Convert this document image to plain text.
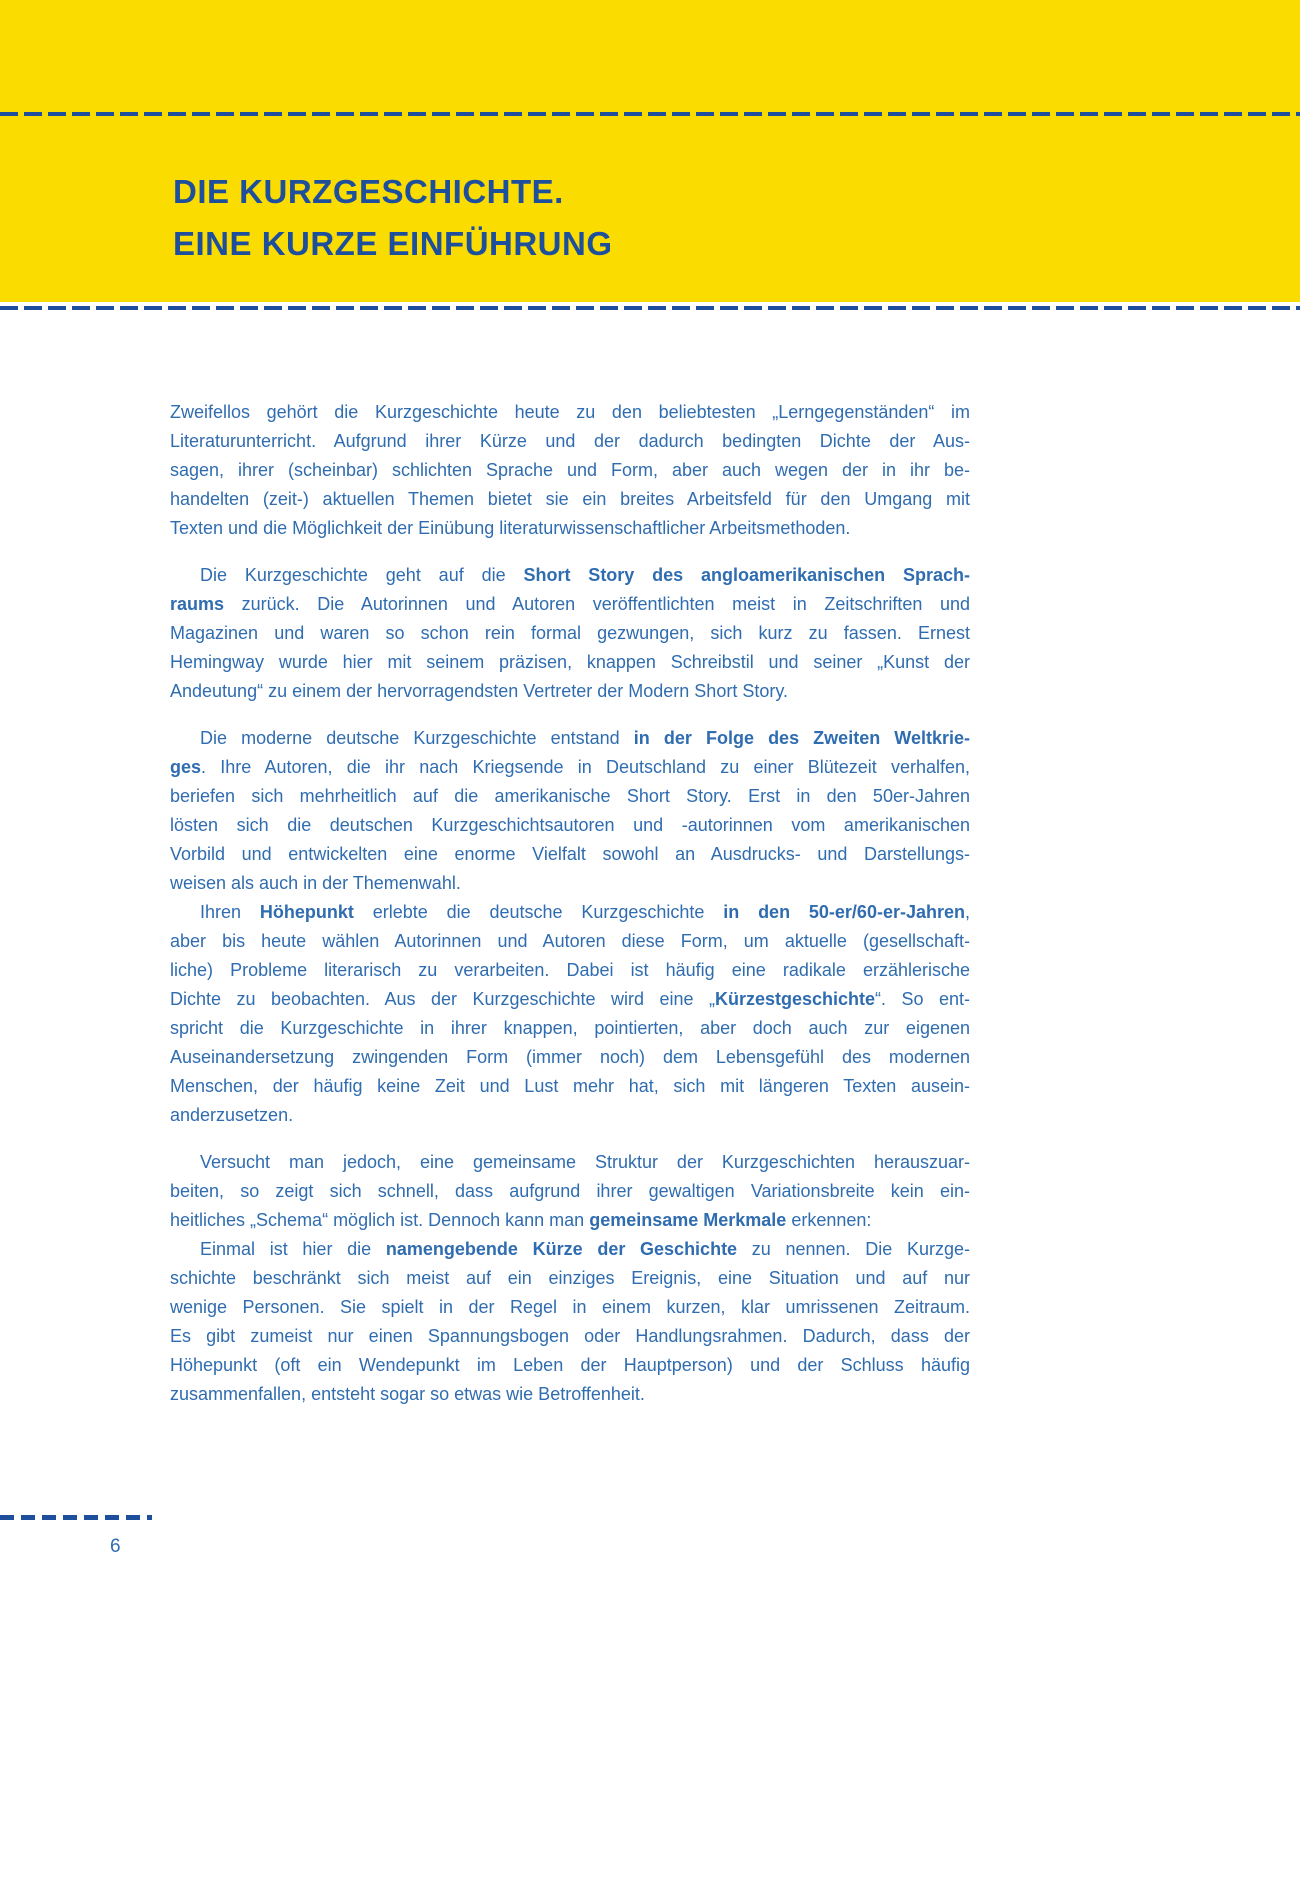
DIE KURZGESCHICHTE.
EINE KURZE EINFÜHRUNG
Zweifellos gehört die Kurzgeschichte heute zu den beliebtesten „Lerngegenständen“ im
Literaturunterricht. Aufgrund ihrer Kürze und der dadurch bedingten Dichte der Aus-
sagen, ihrer (scheinbar) schlichten Sprache und Form, aber auch wegen der in ihr be-
handelten (zeit-) aktuellen Themen bietet sie ein breites Arbeitsfeld für den Umgang mit
Texten und die Möglichkeit der Einübung literaturwissenschaftlicher Arbeitsmethoden.
Die Kurzgeschichte geht auf die Short Story des angloamerikanischen Sprach-
raums zurück. Die Autorinnen und Autoren veröffentlichten meist in Zeitschriften und
Magazinen und waren so schon rein formal gezwungen, sich kurz zu fassen. Ernest
Hemingway wurde hier mit seinem präzisen, knappen Schreibstil und seiner „Kunst der
Andeutung“ zu einem der hervorragendsten Vertreter der Modern Short Story.
Die moderne deutsche Kurzgeschichte entstand in der Folge des Zweiten Weltkrie-
ges. Ihre Autoren, die ihr nach Kriegsende in Deutschland zu einer Blütezeit verhalfen,
beriefen sich mehrheitlich auf die amerikanische Short Story. Erst in den 50er-Jahren
lösten sich die deutschen Kurzgeschichtsautoren und -autorinnen vom amerikanischen
Vorbild und entwickelten eine enorme Vielfalt sowohl an Ausdrucks- und Darstellungs-
weisen als auch in der Themenwahl.
Ihren Höhepunkt erlebte die deutsche Kurzgeschichte in den 50-er/60-er-Jahren,
aber bis heute wählen Autorinnen und Autoren diese Form, um aktuelle (gesellschaft-
liche) Probleme literarisch zu verarbeiten. Dabei ist häufig eine radikale erzählerische
Dichte zu beobachten. Aus der Kurzgeschichte wird eine „Kürzestgeschichte“. So ent-
spricht die Kurzgeschichte in ihrer knappen, pointierten, aber doch auch zur eigenen
Auseinandersetzung zwingenden Form (immer noch) dem Lebensgefühl des modernen
Menschen, der häufig keine Zeit und Lust mehr hat, sich mit längeren Texten ausein-
anderzusetzen.
Versucht man jedoch, eine gemeinsame Struktur der Kurzgeschichten herauszuar-
beiten, so zeigt sich schnell, dass aufgrund ihrer gewaltigen Variationsbreite kein ein-
heitliches „Schema“ möglich ist. Dennoch kann man gemeinsame Merkmale erkennen:
Einmal ist hier die namengebende Kürze der Geschichte zu nennen. Die Kurzge-
schichte beschränkt sich meist auf ein einziges Ereignis, eine Situation und auf nur
wenige Personen. Sie spielt in der Regel in einem kurzen, klar umrissenen Zeitraum.
Es gibt zumeist nur einen Spannungsbogen oder Handlungsrahmen. Dadurch, dass der
Höhepunkt (oft ein Wendepunkt im Leben der Hauptperson) und der Schluss häufig
zusammenfallen, entsteht sogar so etwas wie Betroffenheit.
6
